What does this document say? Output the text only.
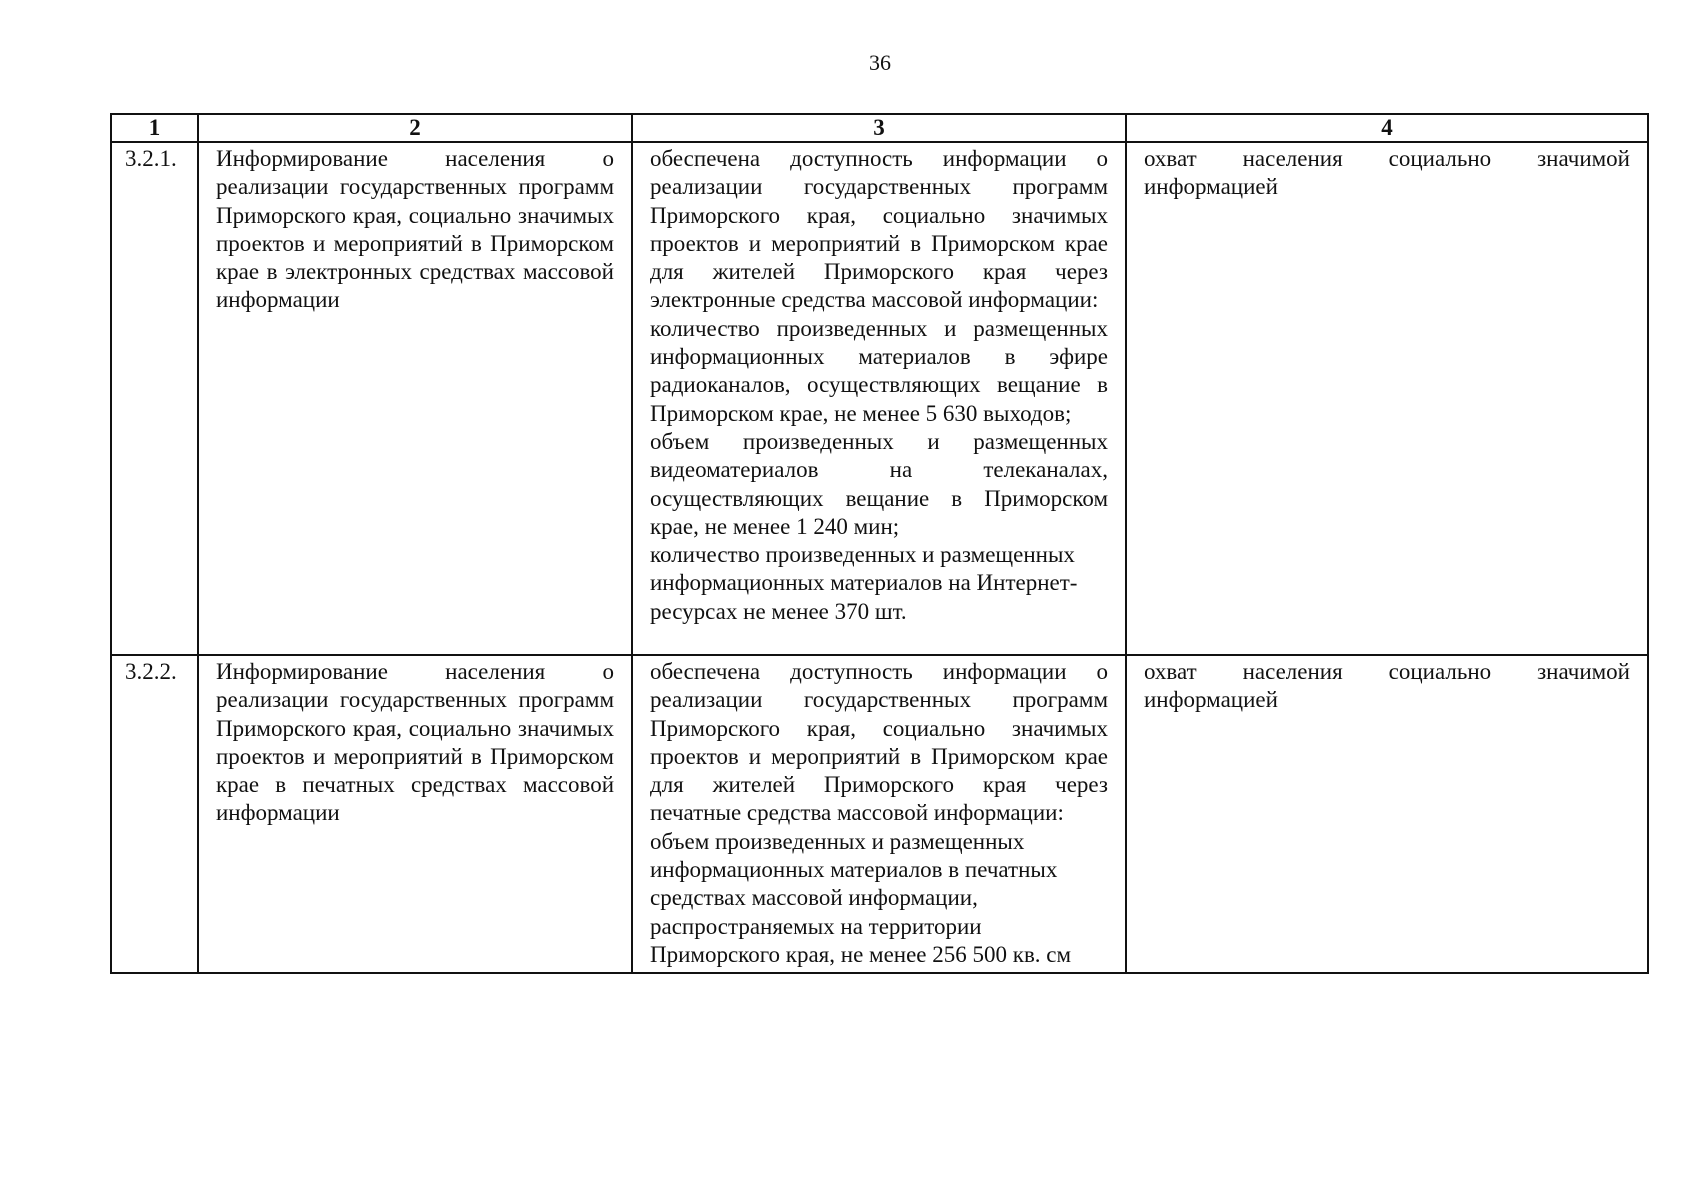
36
1	2	3	4
3.2.1.	Информирование населения о реализации государственных программ Приморского края, социально значимых проектов и мероприятий в Приморском крае в электронных средствах массовой информации	обеспечена доступность информации о реализации государственных программ Приморского края, социально значимых проектов и мероприятий в Приморском крае для жителей Приморского края через электронные средства массовой информации:
количество произведенных и размещенных информационных материалов в эфире радиоканалов, осуществляющих вещание в Приморском крае, не менее 5 630 выходов;
объем произведенных и размещенных видеоматериалов на телеканалах, осуществляющих вещание в Приморском крае, не менее 1 240 мин;
количество произведенных и размещенных информационных материалов на Интернет-ресурсах не менее 370 шт.	охват населения социально значимой информацией
3.2.2.	Информирование населения о реализации государственных программ Приморского края, социально значимых проектов и мероприятий в Приморском крае в печатных средствах массовой информации	обеспечена доступность информации о реализации государственных программ Приморского края, социально значимых проектов и мероприятий в Приморском крае для жителей Приморского края через печатные средства массовой информации:
объем произведенных и размещенных информационных материалов в печатных средствах массовой информации, распространяемых на территории Приморского края, не менее 256 500 кв. см	охват населения социально значимой информацией
